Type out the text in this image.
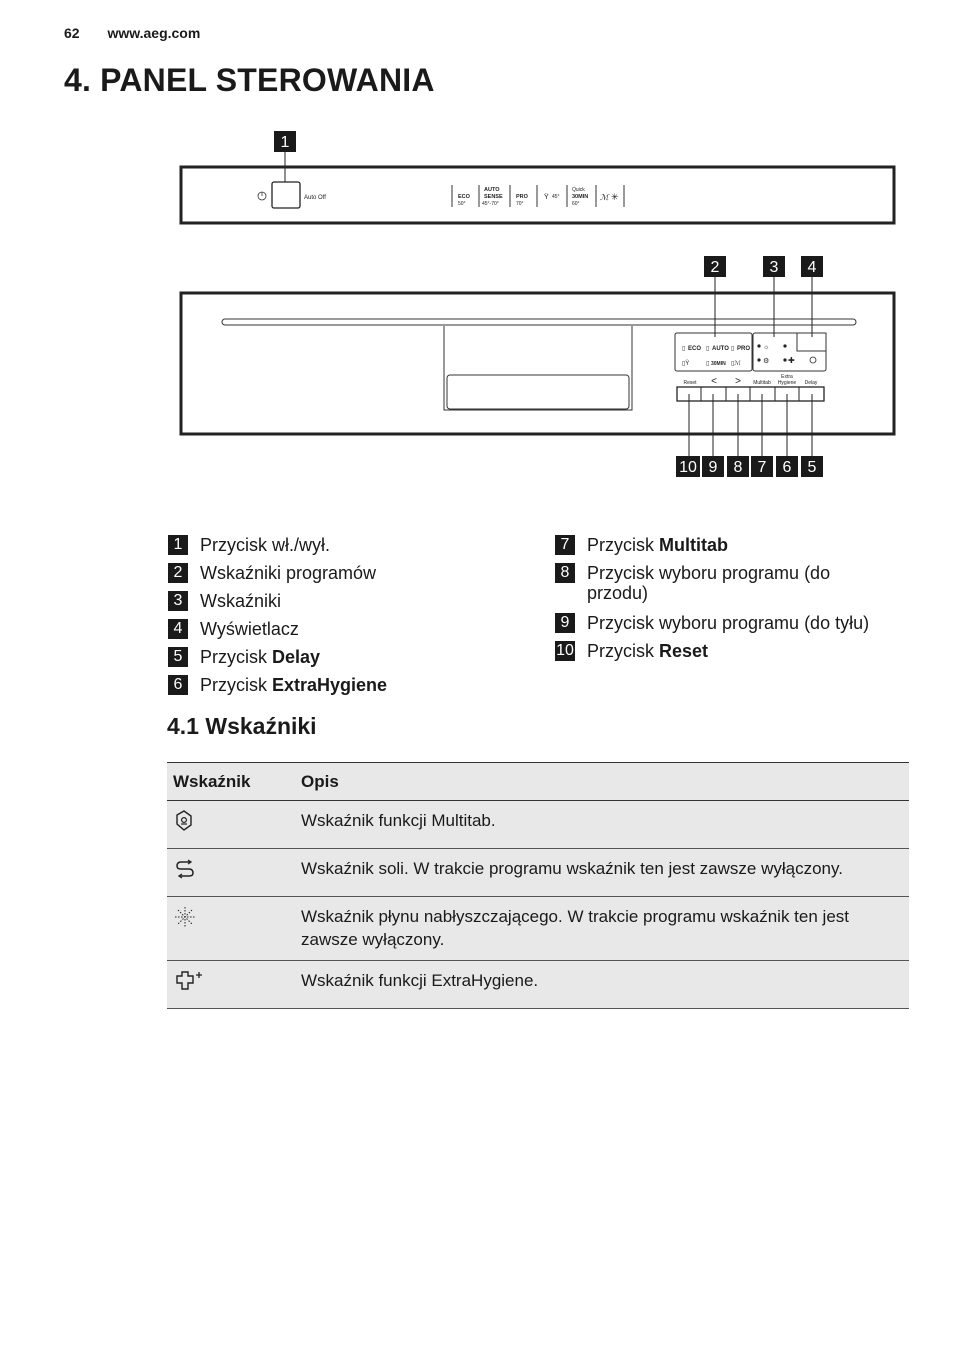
62 www.aeg.com
4. PANEL STEROWANIA
1
Auto Off	ECO
50°
AUTO
SENSE
45°-70°
PRO
70°
Ÿ 45°
Quick
30MIN
60°
ℳ ✳
▯ ECO ▯ AUTO ▯ PRO
▯Ÿ	▯ 30MIN ▯ℳ
☼
⚙ ✚
Reset < > Multitab
Extra
Hygiene Delay
2	3 4
10 9 8 7 6 5
1 Przycisk wł./wył.
2 Wskaźniki programów
3 Wskaźniki
4 Wyświetlacz
5 Przycisk Delay
6 Przycisk ExtraHygiene
7 Przycisk Multitab
8 Przycisk wyboru programu (do przodu)
9 Przycisk wyboru programu (do tyłu)
10 Przycisk Reset
4.1 Wskaźniki
Wskaźnik	Opis
	Wskaźnik funkcji Multitab.
	Wskaźnik soli. W trakcie programu wskaźnik ten jest zawsze wyłączony.
	Wskaźnik płynu nabłyszczającego. W trakcie programu wskaźnik ten jest zawsze wyłączony.
	Wskaźnik funkcji ExtraHygiene.
